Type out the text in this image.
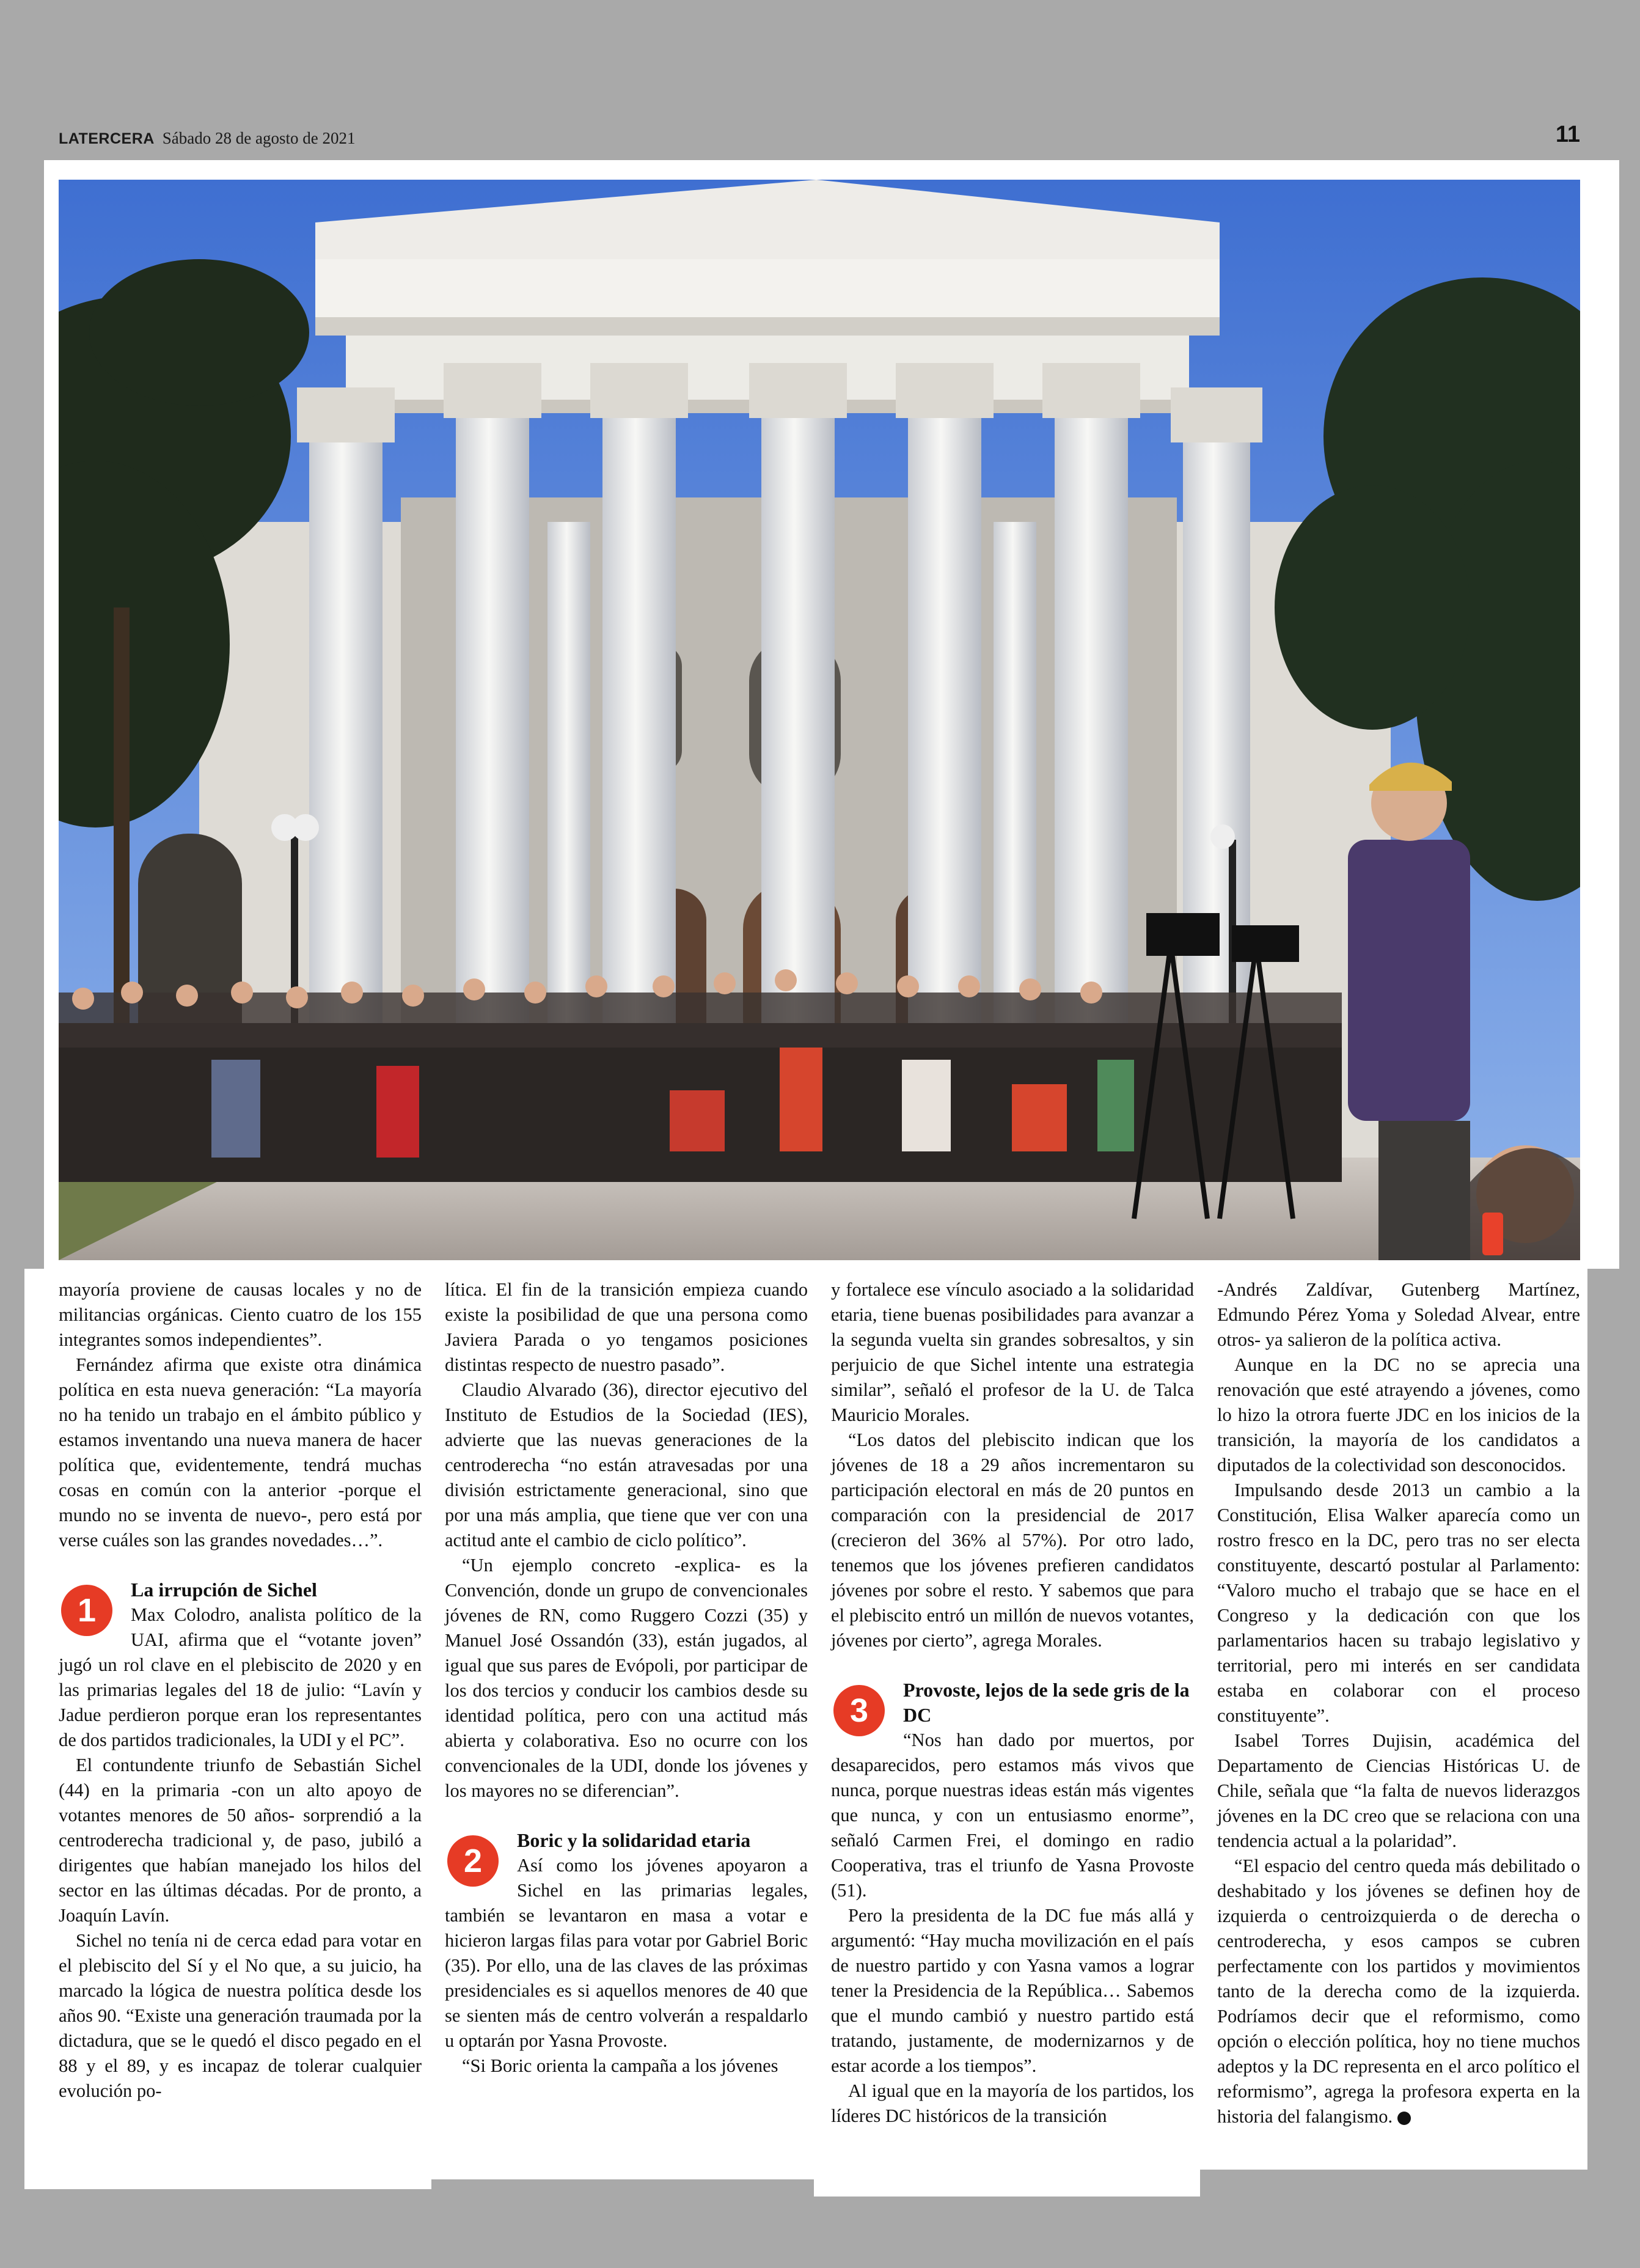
LATERCERA Sábado 28 de agosto de 2021	11

mayoría proviene de causas locales y no de militancias orgánicas. Ciento cuatro de los 155 integrantes somos independientes”.

Fernández afirma que existe otra dinámica política en esta nueva generación: “La mayoría no ha tenido un trabajo en el ámbito público y estamos inventando una nueva manera de hacer política que, evidentemente, tendrá muchas cosas en común con la anterior -porque el mundo no se inventa de nuevo-, pero está por verse cuáles son las grandes novedades…”.

1
La irrupción de Sichel

Max Colodro, analista político de la UAI, afirma que el “votante joven” jugó un rol clave en el plebiscito de 2020 y en las primarias legales del 18 de julio: “Lavín y Jadue perdieron porque eran los representantes de dos partidos tradicionales, la UDI y el PC”.

El contundente triunfo de Sebastián Sichel (44) en la primaria -con un alto apoyo de votantes menores de 50 años- sorprendió a la centroderecha tradicional y, de paso, jubiló a dirigentes que habían manejado los hilos del sector en las últimas décadas. Por de pronto, a Joaquín Lavín.

Sichel no tenía ni de cerca edad para votar en el plebiscito del Sí y el No que, a su juicio, ha marcado la lógica de nuestra política desde los años 90. “Existe una generación traumada por la dictadura, que se le quedó el disco pegado en el 88 y el 89, y es incapaz de tolerar cualquier evolución po-

lítica. El fin de la transición empieza cuando existe la posibilidad de que una persona como Javiera Parada o yo tengamos posiciones distintas respecto de nuestro pasado”.

Claudio Alvarado (36), director ejecutivo del Instituto de Estudios de la Sociedad (IES), advierte que las nuevas generaciones de la centroderecha “no están atravesadas por una división estrictamente generacional, sino que por una más amplia, que tiene que ver con una actitud ante el cambio de ciclo político”.

“Un ejemplo concreto -explica- es la Convención, donde un grupo de convencionales jóvenes de RN, como Ruggero Cozzi (35) y Manuel José Ossandón (33), están jugados, al igual que sus pares de Evópoli, por participar de los dos tercios y conducir los cambios desde su identidad política, pero con una actitud más abierta y colaborativa. Eso no ocurre con los convencionales de la UDI, donde los jóvenes y los mayores no se diferencian”.

2
Boric y la solidaridad etaria

Así como los jóvenes apoyaron a Sichel en las primarias legales, también se levantaron en masa a votar e hicieron largas filas para votar por Gabriel Boric (35). Por ello, una de las claves de las próximas presidenciales es si aquellos menores de 40 que se sienten más de centro volverán a respaldarlo u optarán por Yasna Provoste.

“Si Boric orienta la campaña a los jóvenes

y fortalece ese vínculo asociado a la solidaridad etaria, tiene buenas posibilidades para avanzar a la segunda vuelta sin grandes sobresaltos, y sin perjuicio de que Sichel intente una estrategia similar”, señaló el profesor de la U. de Talca Mauricio Morales.

“Los datos del plebiscito indican que los jóvenes de 18 a 29 años incrementaron su participación electoral en más de 20 puntos en comparación con la presidencial de 2017 (crecieron del 36% al 57%). Por otro lado, tenemos que los jóvenes prefieren candidatos jóvenes por sobre el resto. Y sabemos que para el plebiscito entró un millón de nuevos votantes, jóvenes por cierto”, agrega Morales.

3
Provoste, lejos de la sede gris de la DC

“Nos han dado por muertos, por desaparecidos, pero estamos más vivos que nunca, porque nuestras ideas están más vigentes que nunca, y con un entusiasmo enorme”, señaló Carmen Frei, el domingo en radio Cooperativa, tras el triunfo de Yasna Provoste (51).

Pero la presidenta de la DC fue más allá y argumentó: “Hay mucha movilización en el país de nuestro partido y con Yasna vamos a lograr tener la Presidencia de la República… Sabemos que el mundo cambió y nuestro partido está tratando, justamente, de modernizarnos y de estar acorde a los tiempos”.

Al igual que en la mayoría de los partidos, los líderes DC históricos de la transición

-Andrés Zaldívar, Gutenberg Martínez, Edmundo Pérez Yoma y Soledad Alvear, entre otros- ya salieron de la política activa.

Aunque en la DC no se aprecia una renovación que esté atrayendo a jóvenes, como lo hizo la otrora fuerte JDC en los inicios de la transición, la mayoría de los candidatos a diputados de la colectividad son desconocidos.

Impulsando desde 2013 un cambio a la Constitución, Elisa Walker aparecía como un rostro fresco en la DC, pero tras no ser electa constituyente, descartó postular al Parlamento: “Valoro mucho el trabajo que se hace en el Congreso y la dedicación con que los parlamentarios hacen su trabajo legislativo y territorial, pero mi interés en ser candidata estaba en colaborar con el proceso constituyente”.

Isabel Torres Dujisin, académica del Departamento de Ciencias Históricas U. de Chile, señala que “la falta de nuevos liderazgos jóvenes en la DC creo que se relaciona con una tendencia actual a la polaridad”.

“El espacio del centro queda más debilitado o deshabitado y los jóvenes se definen hoy de izquierda o centroizquierda o de derecha o centroderecha, y esos campos se cubren perfectamente con los partidos y movimientos tanto de la derecha como de la izquierda. Podríamos decir que el reformismo, como opción o elección política, hoy no tiene muchos adeptos y la DC representa en el arco político el reformismo”, agrega la profesora experta en la historia del falangismo.
